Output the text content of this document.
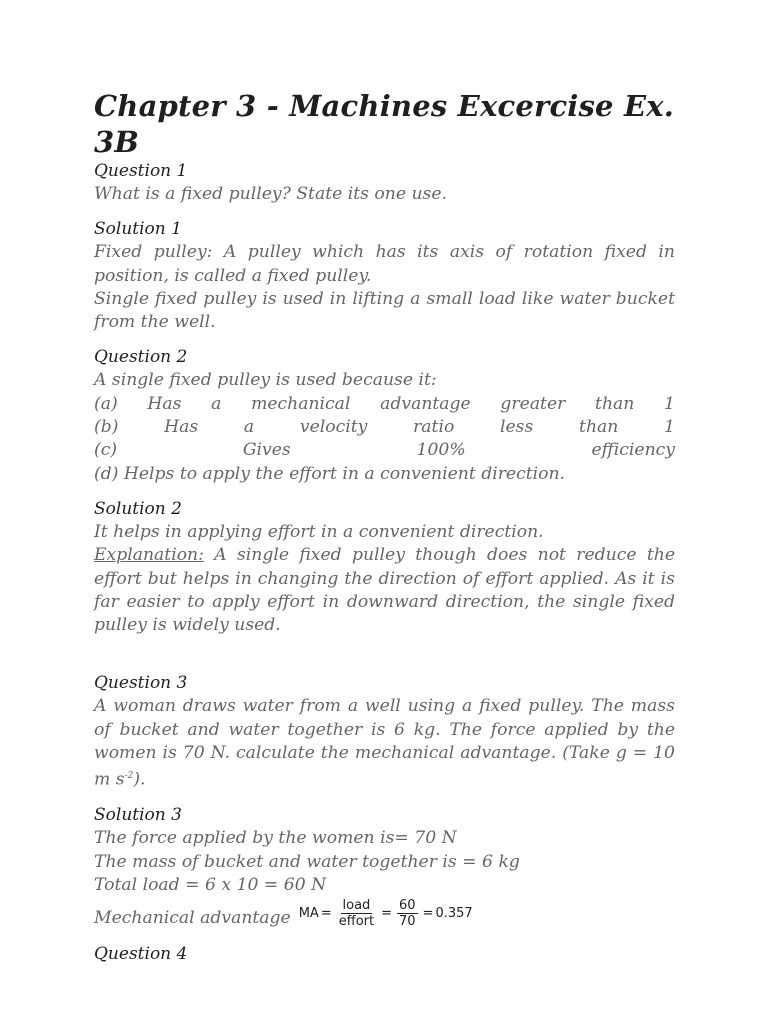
Chapter 3 - Machines Excercise Ex. 3B
Question 1

What is a fixed pulley? State its one use.

Solution 1

Fixed pulley: A pulley which has its axis of rotation fixed in position, is called a fixed pulley.

Single fixed pulley is used in lifting a small load like water bucket from the well.

Question 2

A single fixed pulley is used because it:

(a) Has a mechanical advantage greater than 1

(b) Has a velocity ratio less than 1

(c) Gives 100% efficiency

(d) Helps to apply the effort in a convenient direction.

Solution 2

It helps in applying effort in a convenient direction.

Explanation: A single fixed pulley though does not reduce the effort but helps in changing the direction of effort applied. As it is far easier to apply effort in downward direction, the single fixed pulley is widely used.

Question 3

A woman draws water from a well using a fixed pulley. The mass of bucket and water together is 6 kg. The force applied by the women is 70 N. calculate the mechanical advantage. (Take g = 10 m $s^{-2}$).

Solution 3

The force applied by the women is= 70 N

The mass of bucket and water together is = 6 kg

Total load = 6 x 10 = 60 N

Mechanical advantage MA = $\frac{\text{load}}{\text{effort}} = \frac{60}{70} = 0.357$
Question 4
